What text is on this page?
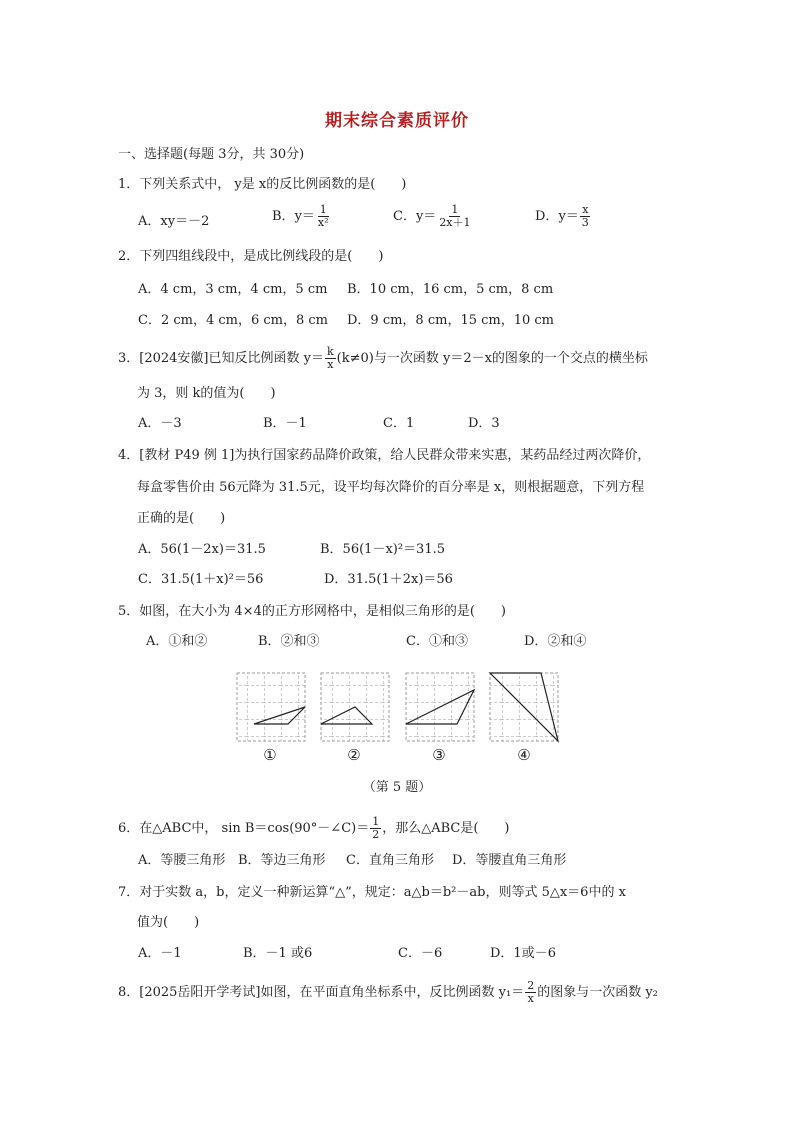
期末综合素质评价
一、选择题(每题 3分，共 30分)
1．下列关系式中， y是 x的反比例函数的是(　　)
A．xy＝－2	B．$y= \frac{1}{\text{x²}}$	C．$y= \frac{1}{2x+1}$	D．$y= \frac{x}{3}$
2．下列四组线段中，是成比例线段的是(　　)
A．4 cm，3 cm，4 cm，5 cm B．10 cm，16 cm，5 cm，8 cm
C．2 cm，4 cm，6 cm，8 cm D．9 cm，8 cm，15 cm，10 cm
3．[2024安徽]已知反比例函数 $y= \frac{k}{x} (k\ne 0)$与一次函数 y＝2－x的图象的一个交点的横坐标
为 3，则 k的值为(　　)
A．－3	B．－1	C．1	D．3
4．[教材 P49 例 1]为执行国家药品降价政策，给人民群众带来实惠，某药品经过两次降价，
每盒零售价由 56元降为 31.5元，设平均每次降价的百分率是 x，则根据题意，下列方程
正确的是(　　)
A．56(1－2x)＝31.5	B．56(1－x)²＝31.5
C．31.5(1＋x)²＝56	D．31.5(1＋2x)＝56
5．如图，在大小为 4×4的正方形网格中，是相似三角形的是(　　)
A．①和②	B．②和③	C．①和③	D．②和④
①	②	③	④
（第 5 题）
6．在△ABC中， sin B＝cos(90°－∠C)＝ $\frac{1}{2}$ ，那么△ABC是(　　)
A．等腰三角形 B．等边三角形 C．直角三角形 D．等腰直角三角形
7．对于实数 a，b，定义一种新运算“△”，规定：a△b＝b²－ab，则等式 5△x＝6中的 x
值为(　　)
A．－1	B．－1 或6	C．－6	D．1或－6
8．[2025岳阳开学考试]如图，在平面直角坐标系中，反比例函数 $y_1= \frac{2}{x}$ 的图象与一次函数 y₂
